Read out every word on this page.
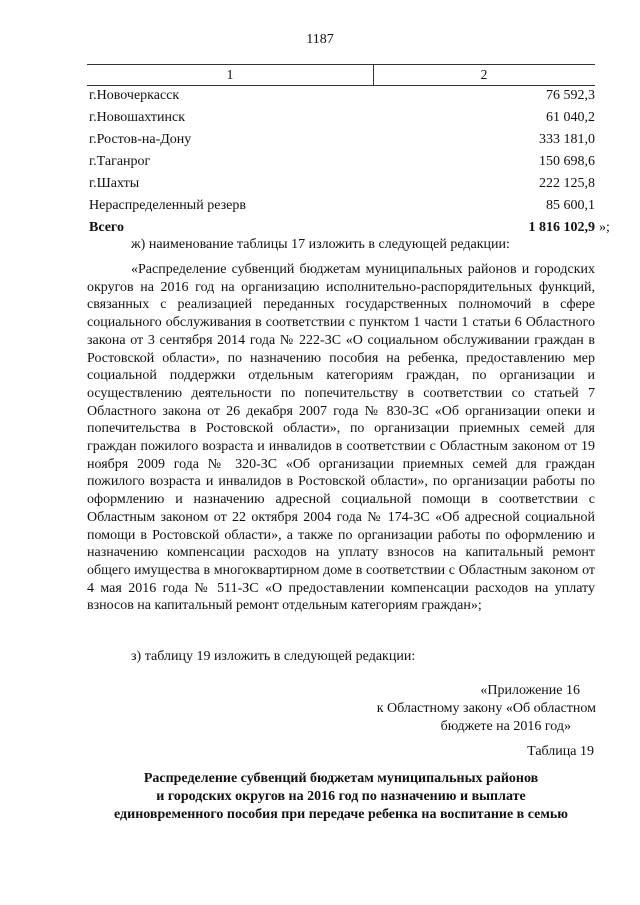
1187
1	2
г.Новочеркасск	76 592,3
г.Новошахтинск	61 040,2
г.Ростов-на-Дону	333 181,0
г.Таганрог	150 698,6
г.Шахты	222 125,8
Нераспределенный резерв	85 600,1
Всего	1 816 102,9 »;
ж) наименование таблицы 17 изложить в следующей редакции:
«Распределение субвенций бюджетам муниципальных районов и городских округов на 2016 год на организацию исполнительно-распорядительных функций, связанных с реализацией переданных государственных полномочий в сфере социального обслуживания в соответствии с пунктом 1 части 1 статьи 6 Областного закона от 3 сентября 2014 года № 222-ЗС «О социальном обслуживании граждан в Ростовской области», по назначению пособия на ребенка, предоставлению мер социальной поддержки отдельным категориям граждан, по организации и осуществлению деятельности по попечительству в соответствии со статьей 7 Областного закона от 26 декабря 2007 года № 830-ЗС «Об организации опеки и попечительства в Ростовской области», по организации приемных семей для граждан пожилого возраста и инвалидов в соответствии с Областным законом от 19 ноября 2009 года № 320-ЗС «Об организации приемных семей для граждан пожилого возраста и инвалидов в Ростовской области», по организации работы по оформлению и назначению адресной социальной помощи в соответствии с Областным законом от 22 октября 2004 года № 174-ЗС «Об адресной социальной помощи в Ростовской области», а также по организации работы по оформлению и назначению компенсации расходов на уплату взносов на капитальный ремонт общего имущества в многоквартирном доме в соответствии с Областным законом от 4 мая 2016 года № 511-ЗС «О предоставлении компенсации расходов на уплату взносов на капитальный ремонт отдельным категориям граждан»;
з) таблицу 19 изложить в следующей редакции:
«Приложение 16
к Областному закону «Об областном
бюджете на 2016 год»
Таблица 19
Распределение субвенций бюджетам муниципальных районов
и городских округов на 2016 год по назначению и выплате
единовременного пособия при передаче ребенка на воспитание в семью
